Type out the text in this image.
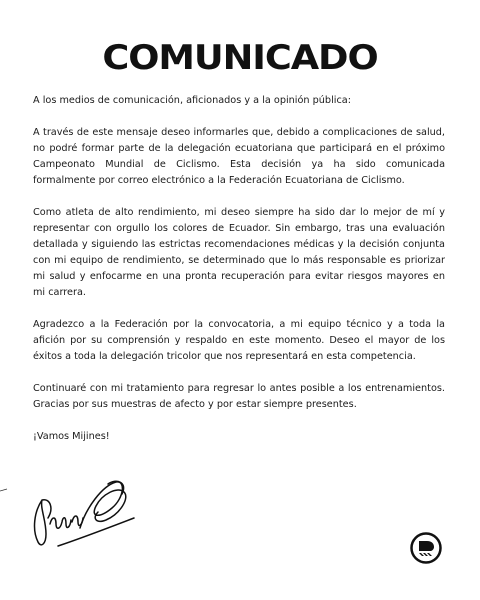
COMUNICADO

A los medios de comunicación, aficionados y a la opinión pública:

A través de este mensaje deseo informarles que, debido a complicaciones de salud, no podré formar parte de la delegación ecuatoriana que participará en el próximo Campeonato Mundial de Ciclismo. Esta decisión ya ha sido comunicada formalmente por correo electrónico a la Federación Ecuatoriana de Ciclismo.

Como atleta de alto rendimiento, mi deseo siempre ha sido dar lo mejor de mí y representar con orgullo los colores de Ecuador. Sin embargo, tras una evaluación detallada y siguiendo las estrictas recomendaciones médicas y la decisión conjunta con mi equipo de rendimiento, se determinado que lo más responsable es priorizar mi salud y enfocarme en una pronta recuperación para evitar riesgos mayores en mi carrera.

Agradezco a la Federación por la convocatoria, a mi equipo técnico y a toda la afición por su comprensión y respaldo en este momento. Deseo el mayor de los éxitos a toda la delegación tricolor que nos representará en esta competencia.

Continuaré con mi tratamiento para regresar lo antes posible a los entrenamientos. Gracias por sus muestras de afecto y por estar siempre presentes.

¡Vamos Mijines!
